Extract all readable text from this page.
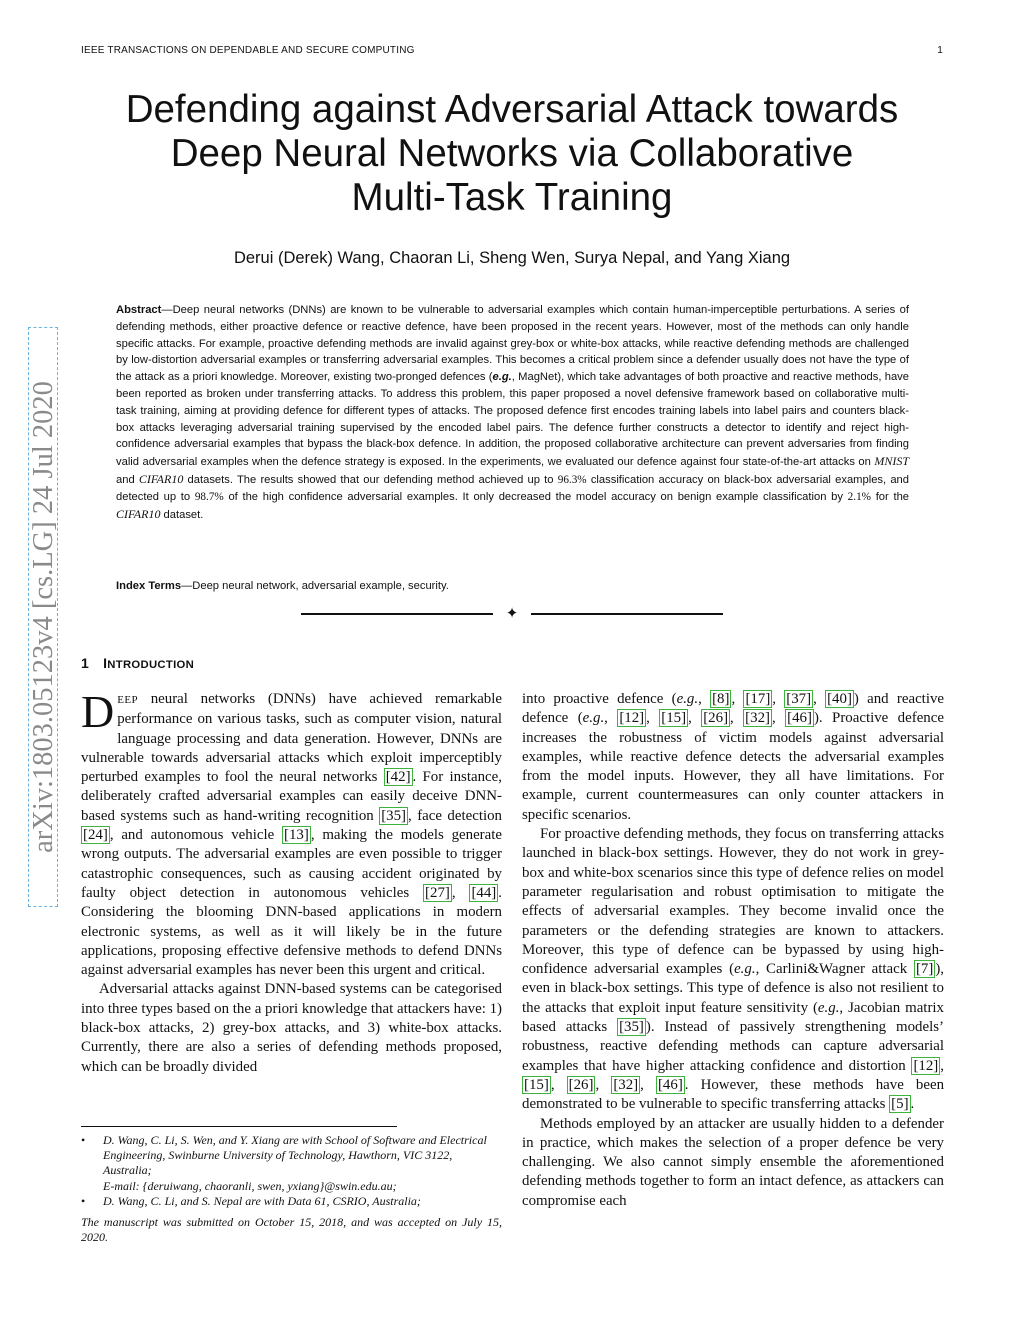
IEEE TRANSACTIONS ON DEPENDABLE AND SECURE COMPUTING	1
arXiv:1803.05123v4 [cs.LG] 24 Jul 2020
Defending against Adversarial Attack towards
Deep Neural Networks via Collaborative
Multi-Task Training
Derui (Derek) Wang, Chaoran Li, Sheng Wen, Surya Nepal, and Yang Xiang
Abstract—Deep neural networks (DNNs) are known to be vulnerable to adversarial examples which contain human-imperceptible perturbations. A series of defending methods, either proactive defence or reactive defence, have been proposed in the recent years. However, most of the methods can only handle specific attacks. For example, proactive defending methods are invalid against grey-box or white-box attacks, while reactive defending methods are challenged by low-distortion adversarial examples or transferring adversarial examples. This becomes a critical problem since a defender usually does not have the type of the attack as a priori knowledge. Moreover, existing two-pronged defences (e.g., MagNet), which take advantages of both proactive and reactive methods, have been reported as broken under transferring attacks. To address this problem, this paper proposed a novel defensive framework based on collaborative multi-task training, aiming at providing defence for different types of attacks. The proposed defence first encodes training labels into label pairs and counters black-box attacks leveraging adversarial training supervised by the encoded label pairs. The defence further constructs a detector to identify and reject high-confidence adversarial examples that bypass the black-box defence. In addition, the proposed collaborative architecture can prevent adversaries from finding valid adversarial examples when the defence strategy is exposed. In the experiments, we evaluated our defence against four state-of-the-art attacks on MNIST and CIFAR10 datasets. The results showed that our defending method achieved up to 96.3% classification accuracy on black-box adversarial examples, and detected up to 98.7% of the high confidence adversarial examples. It only decreased the model accuracy on benign example classification by 2.1% for the CIFAR10 dataset.
Index Terms—Deep neural network, adversarial example, security.
✦
1 INTRODUCTION

DEEP neural networks (DNNs) have achieved remarkable performance on various tasks, such as computer vision, natural language processing and data generation. However, DNNs are vulnerable towards adversarial attacks which exploit imperceptibly perturbed examples to fool the neural networks [42] . For instance, deliberately crafted adversarial examples can easily deceive DNN-based systems such as hand-writing recognition [35] , face detection [24] , and autonomous vehicle [13] , making the models generate wrong outputs. The adversarial examples are even possible to trigger catastrophic consequences, such as causing accident originated by faulty object detection in autonomous vehicles [27] , [44] . Considering the blooming DNN-based applications in modern electronic systems, as well as it will likely be in the future applications, proposing effective defensive methods to defend DNNs against adversarial examples has never been this urgent and critical.

Adversarial attacks against DNN-based systems can be categorised into three types based on the a priori knowledge that attackers have: 1) black-box attacks, 2) grey-box attacks, and 3) white-box attacks. Currently, there are also a series of defending methods proposed, which can be broadly divided

into proactive defence (e.g., [8] , [17] , [37] , [40] ) and reactive defence (e.g., [12] , [15] , [26] , [32] , [46] ). Proactive defence increases the robustness of victim models against adversarial examples, while reactive defence detects the adversarial examples from the model inputs. However, they all have limitations. For example, current countermeasures can only counter attackers in specific scenarios.

For proactive defending methods, they focus on transferring attacks launched in black-box settings. However, they do not work in grey-box and white-box scenarios since this type of defence relies on model parameter regularisation and robust optimisation to mitigate the effects of adversarial examples. They become invalid once the parameters or the defending strategies are known to attackers. Moreover, this type of defence can be bypassed by using high-confidence adversarial examples (e.g., Carlini&Wagner attack [7] ), even in black-box settings. This type of defence is also not resilient to the attacks that exploit input feature sensitivity (e.g., Jacobian matrix based attacks [35] ). Instead of passively strengthening models’ robustness, reactive defending methods can capture adversarial examples that have higher attacking confidence and distortion [12] , [15] , [26] , [32] , [46] . However, these methods have been demonstrated to be vulnerable to specific transferring attacks [5] .

Methods employed by an attacker are usually hidden to a defender in practice, which makes the selection of a proper defence be very challenging. We also cannot simply ensemble the aforementioned defending methods together to form an intact defence, as attackers can compromise each

• D. Wang, C. Li, S. Wen, and Y. Xiang are with School of Software and Electrical Engineering, Swinburne University of Technology, Hawthorn, VIC 3122, Australia;
E-mail: {deruiwang, chaoranli, swen, yxiang}@swin.edu.au;
• D. Wang, C. Li, and S. Nepal are with Data 61, CSRIO, Australia;
The manuscript was submitted on October 15, 2018, and was accepted on July 15, 2020.
